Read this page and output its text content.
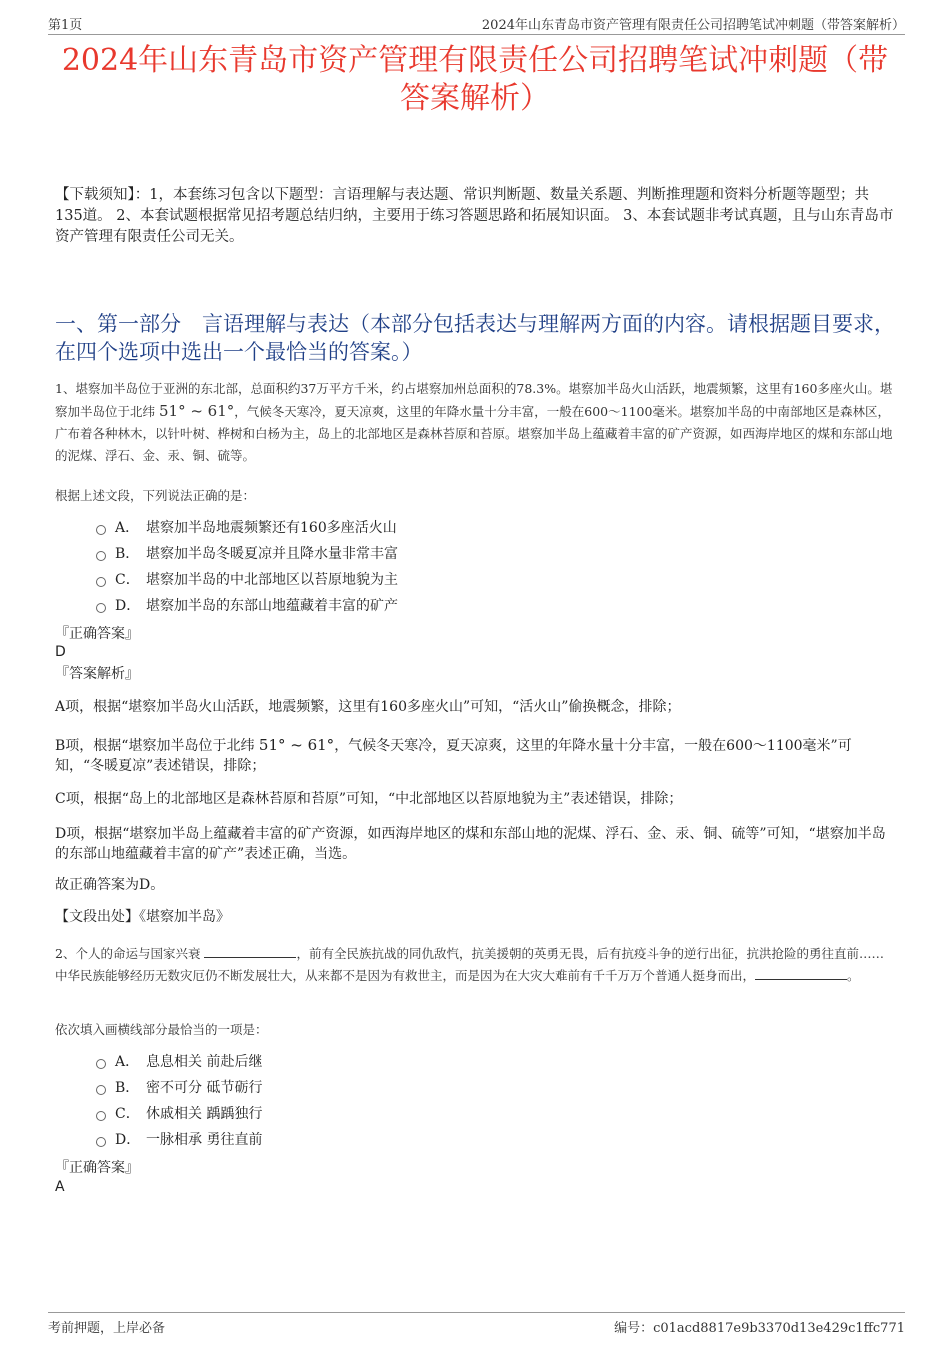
第1页	2024年山东青岛市资产管理有限责任公司招聘笔试冲刺题（带答案解析）
2024年山东青岛市资产管理有限责任公司招聘笔试冲刺题（带答案解析）
【下载须知】：1，本套练习包含以下题型：言语理解与表达题、常识判断题、数量关系题、判断推理题和资料分析题等题型；共135道。 2、本套试题根据常见招考题总结归纳，主要用于练习答题思路和拓展知识面。 3、本套试题非考试真题，且与山东青岛市资产管理有限责任公司无关。
一、第一部分　言语理解与表达（本部分包括表达与理解两方面的内容。请根据题目要求，在四个选项中选出一个最恰当的答案。）
1、堪察加半岛位于亚洲的东北部，总面积约37万平方千米，约占堪察加州总面积的78.3%。堪察加半岛火山活跃，地震频繁，这里有160多座火山。堪察加半岛位于北纬 51° ~ 61°，气候冬天寒冷，夏天凉爽，这里的年降水量十分丰富，一般在600～1100毫米。堪察加半岛的中南部地区是森林区，广布着各种林木，以针叶树、桦树和白杨为主，岛上的北部地区是森林苔原和苔原。堪察加半岛上蕴藏着丰富的矿产资源，如西海岸地区的煤和东部山地的泥煤、浮石、金、汞、铜、硫等。
根据上述文段，下列说法正确的是：
A． 堪察加半岛地震频繁还有160多座活火山
B． 堪察加半岛冬暖夏凉并且降水量非常丰富
C． 堪察加半岛的中北部地区以苔原地貌为主
D． 堪察加半岛的东部山地蕴藏着丰富的矿产
『正确答案』
D
『答案解析』
A项，根据“堪察加半岛火山活跃，地震频繁，这里有160多座火山”可知，“活火山”偷换概念，排除；
B项，根据“堪察加半岛位于北纬 51° ~ 61°，气候冬天寒冷，夏天凉爽，这里的年降水量十分丰富，一般在600～1100毫米”可知，“冬暖夏凉”表述错误，排除；
C项，根据“岛上的北部地区是森林苔原和苔原”可知，“中北部地区以苔原地貌为主”表述错误，排除；
D项，根据“堪察加半岛上蕴藏着丰富的矿产资源，如西海岸地区的煤和东部山地的泥煤、浮石、金、汞、铜、硫等”可知，“堪察加半岛的东部山地蕴藏着丰富的矿产”表述正确，当选。
故正确答案为D。
【文段出处】《堪察加半岛》
2、个人的命运与国家兴衰	，前有全民族抗战的同仇敌忾，抗美援朝的英勇无畏，后有抗疫斗争的逆行出征，抗洪抢险的勇往直前……中华民族能够经历无数灾厄仍不断发展壮大，从来都不是因为有救世主，而是因为在大灾大难前有千千万万个普通人挺身而出，	。
依次填入画横线部分最恰当的一项是：
A． 息息相关 前赴后继
B． 密不可分 砥节砺行
C． 休戚相关 踽踽独行
D． 一脉相承 勇往直前
『正确答案』
A
考前押题，上岸必备	编号：c01acd8817e9b3370d13e429c1ffc771
